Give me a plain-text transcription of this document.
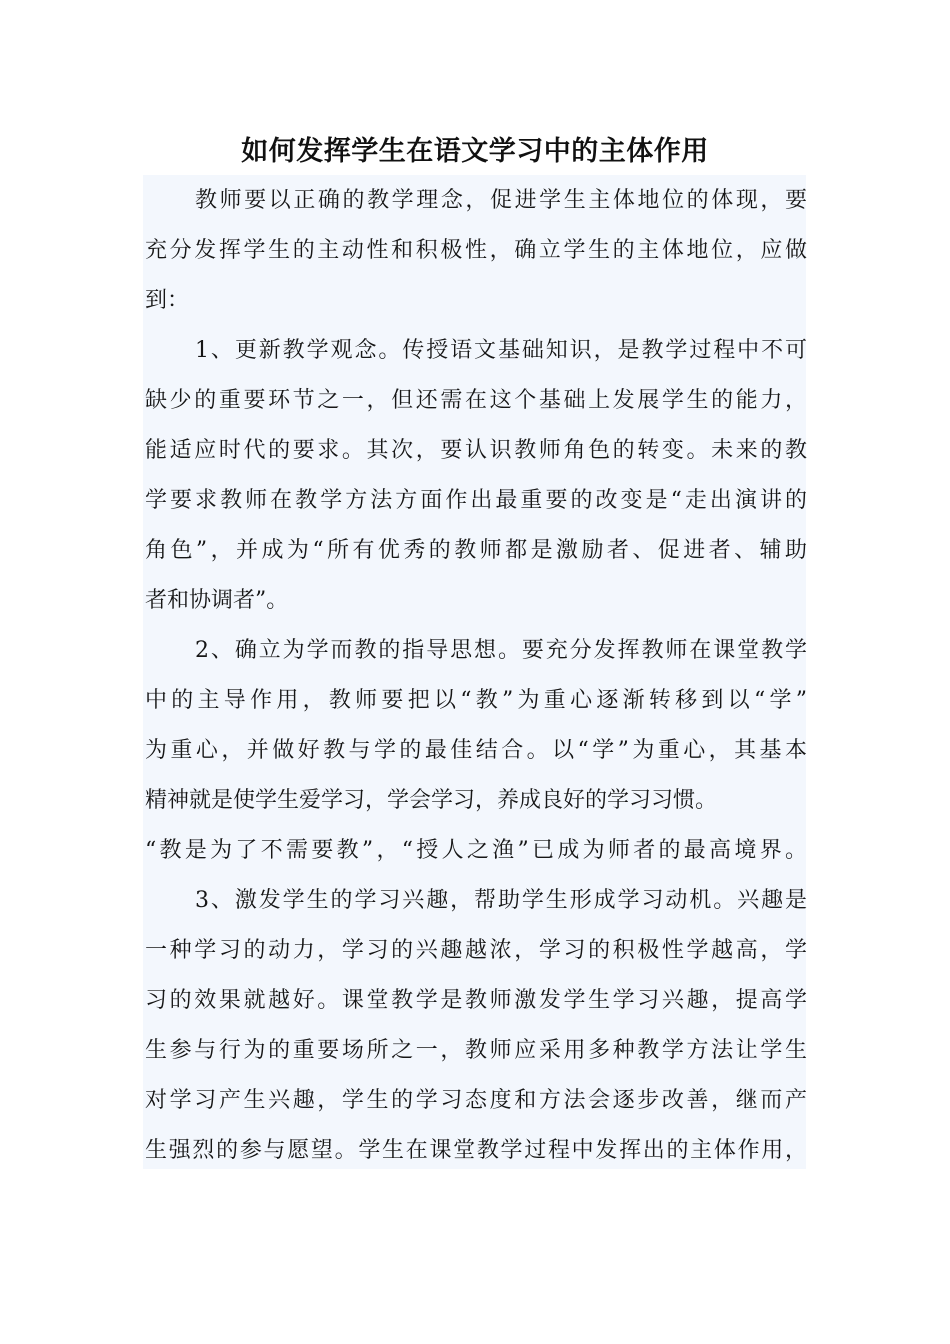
如何发挥学生在语文学习中的主体作用
教师要以正确的教学理念，促进学生主体地位的体现，要
充分发挥学生的主动性和积极性，确立学生的主体地位，应做
到：
1、更新教学观念。传授语文基础知识，是教学过程中不可
缺少的重要环节之一，但还需在这个基础上发展学生的能力，
能适应时代的要求。其次，要认识教师角色的转变。未来的教
学要求教师在教学方法方面作出最重要的改变是“走出演讲的
角色”，并成为“所有优秀的教师都是激励者、促进者、辅助
者和协调者”。
2、确立为学而教的指导思想。要充分发挥教师在课堂教学
中的主导作用，教师要把以“教”为重心逐渐转移到以“学”
为重心，并做好教与学的最佳结合。以“学”为重心，其基本
精神就是使学生爱学习，学会学习，养成良好的学习习惯。
“教是为了不需要教”，“授人之渔”已成为师者的最高境界。
3、激发学生的学习兴趣，帮助学生形成学习动机。兴趣是
一种学习的动力，学习的兴趣越浓，学习的积极性学越高，学
习的效果就越好。课堂教学是教师激发学生学习兴趣，提高学
生参与行为的重要场所之一，教师应采用多种教学方法让学生
对学习产生兴趣，学生的学习态度和方法会逐步改善，继而产
生强烈的参与愿望。学生在课堂教学过程中发挥出的主体作用，
